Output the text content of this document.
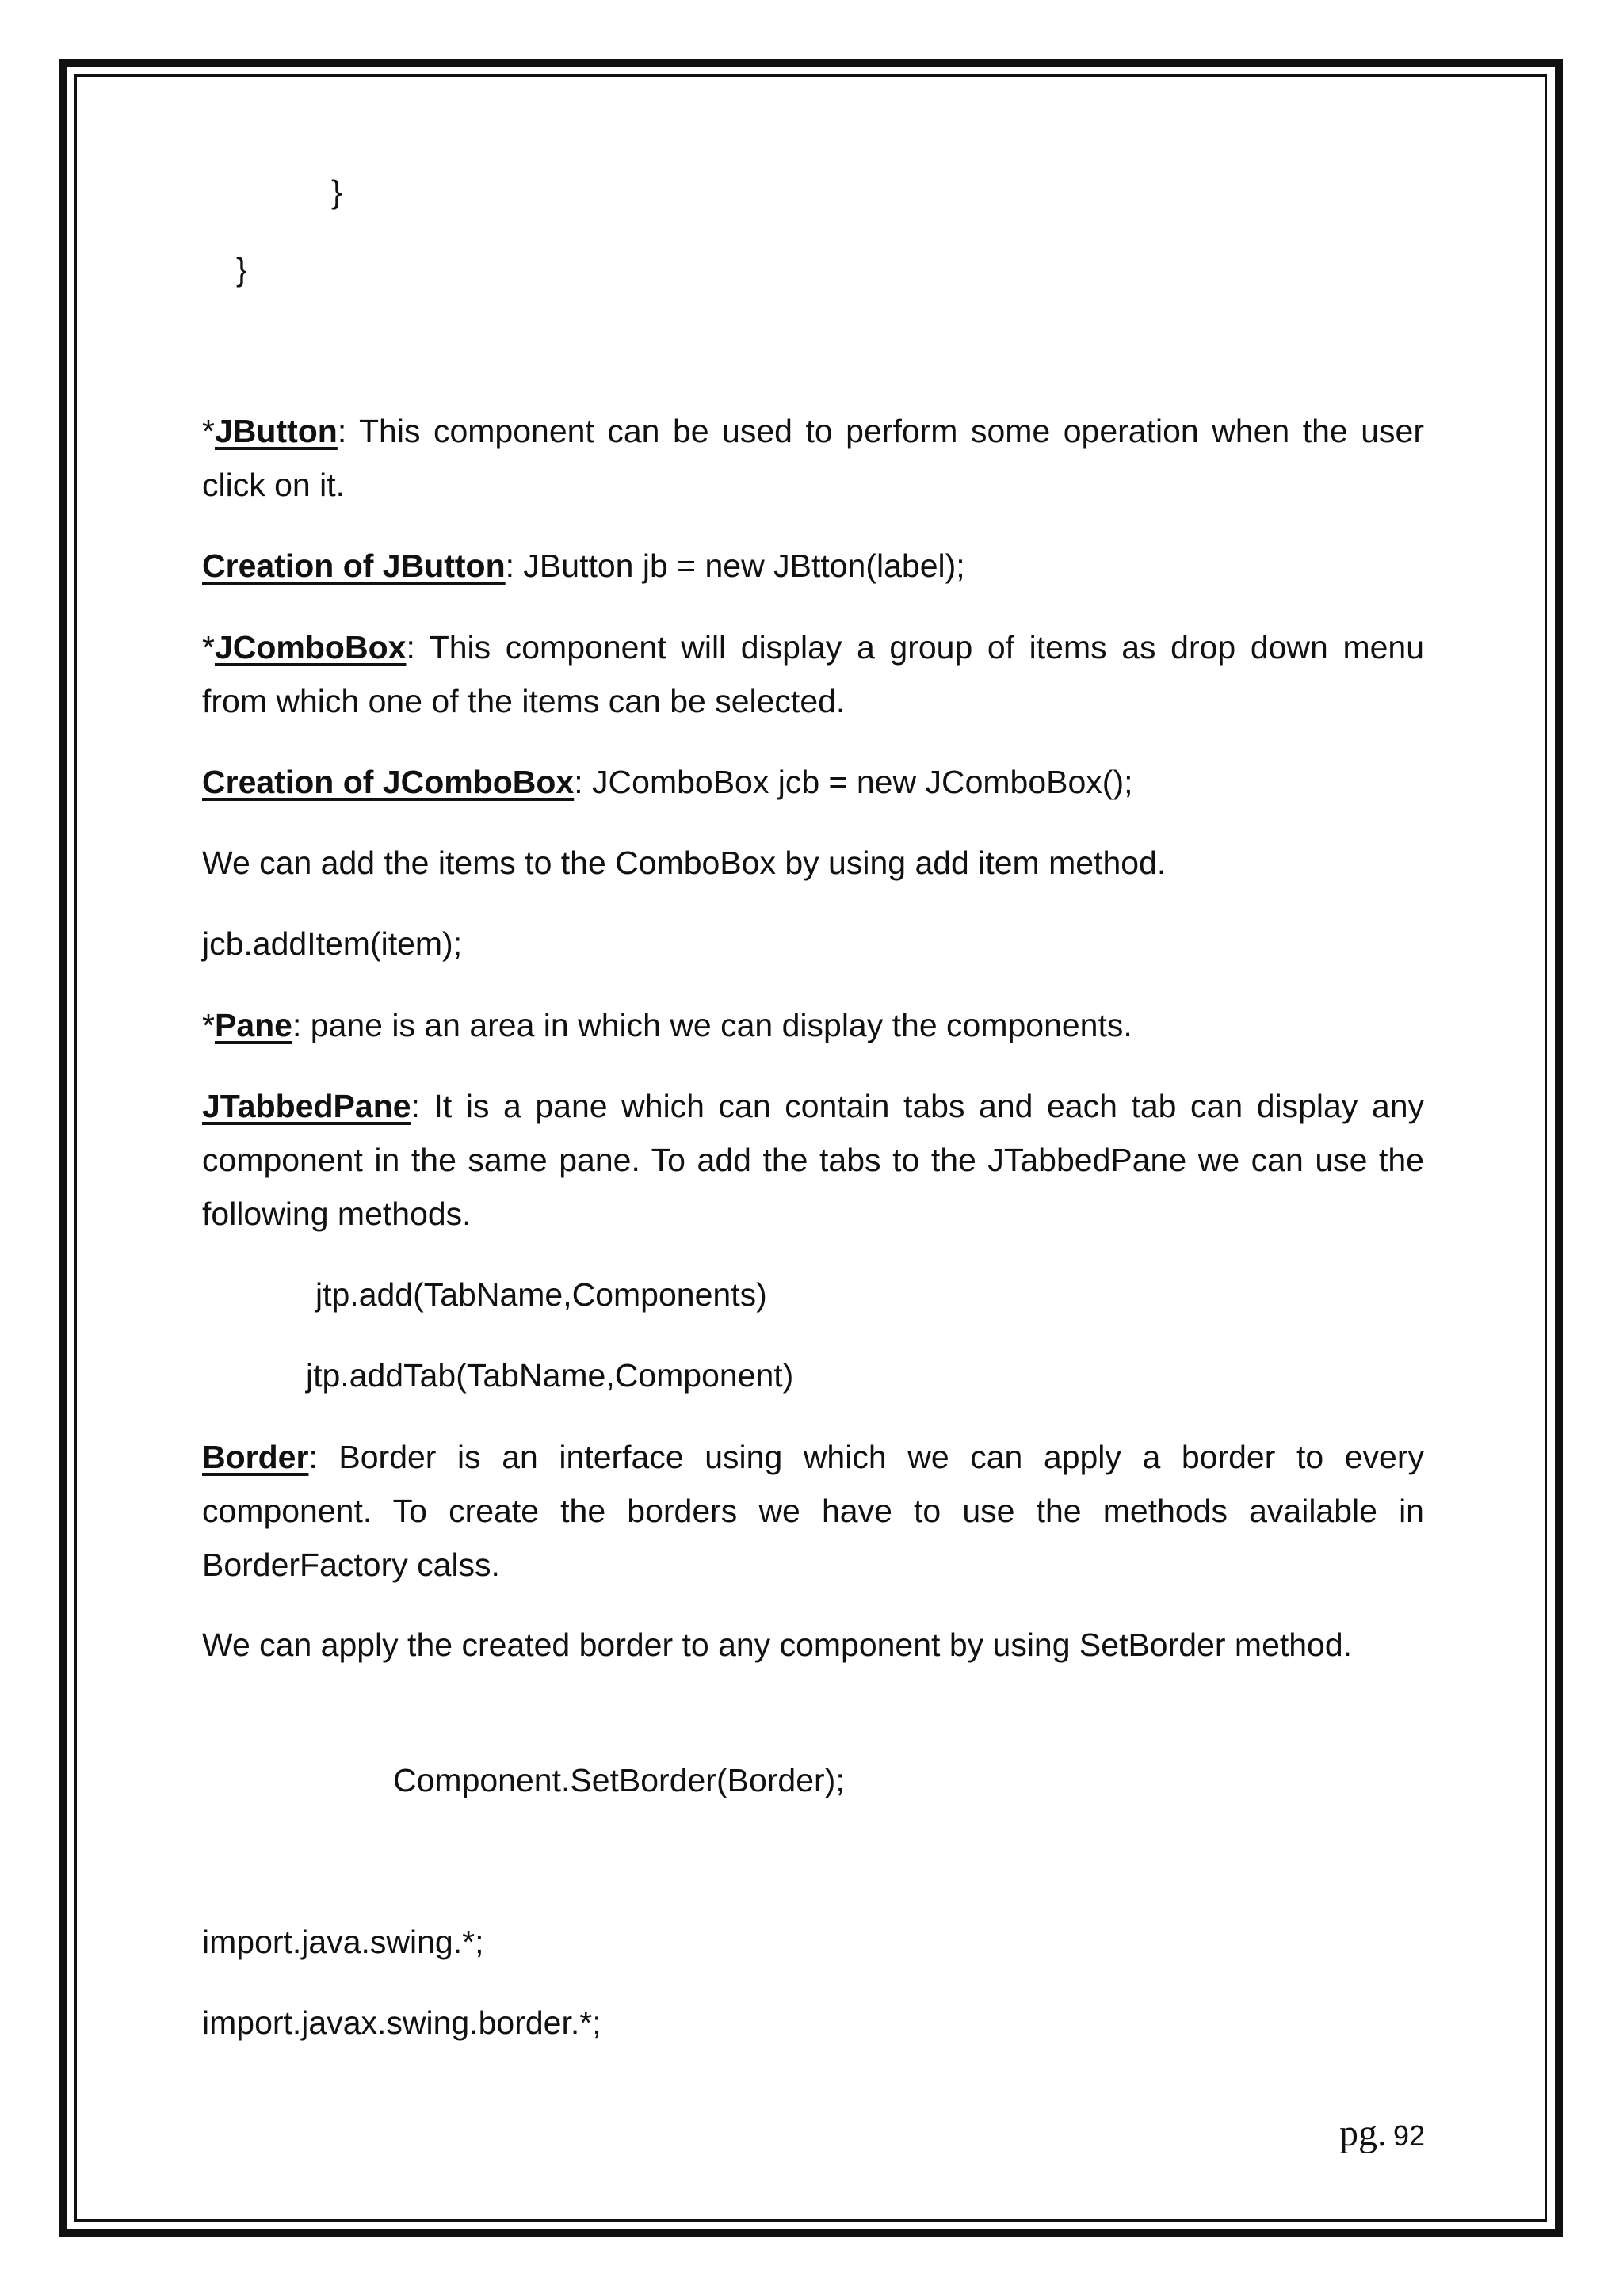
}
}
*JButton: This component can be used to perform some operation when the user click on it.
Creation of JButton: JButton jb = new JBtton(label);
*JComboBox: This component will display a group of items as drop down menu from which one of the items can be selected.
Creation of JComboBox: JComboBox jcb = new JComboBox();
We can add the items to the ComboBox by using add item method.
jcb.addItem(item);
*Pane: pane is an area in which we can display the components.
JTabbedPane: It is a pane which can contain tabs and each tab can display any component in the same pane. To add the tabs to the JTabbedPane we can use the following methods.
jtp.add(TabName,Components)
jtp.addTab(TabName,Component)
Border: Border is an interface using which we can apply a border to every component. To create the borders we have to use the methods available in BorderFactory calss.
We can apply the created border to any component by using SetBorder method.
Component.SetBorder(Border);
import.java.swing.*;
import.javax.swing.border.*;
pg. 92
